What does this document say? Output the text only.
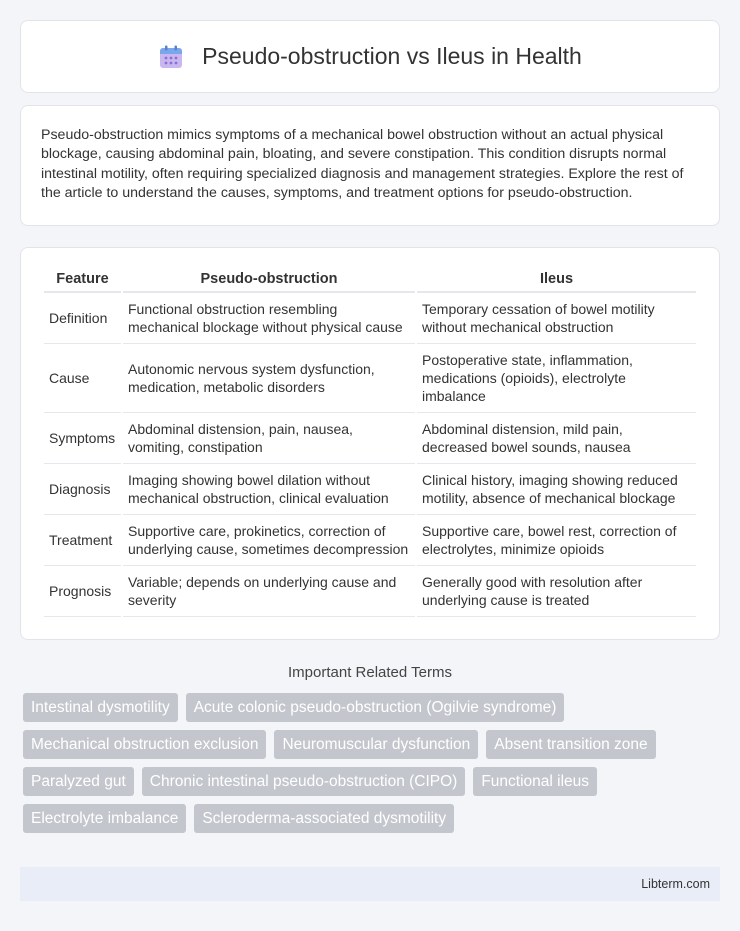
Pseudo-obstruction vs Ileus in Health

Pseudo-obstruction mimics symptoms of a mechanical bowel obstruction without an actual physical blockage, causing abdominal pain, bloating, and severe constipation. This condition disrupts normal intestinal motility, often requiring specialized diagnosis and management strategies. Explore the rest of the article to understand the causes, symptoms, and treatment options for pseudo-obstruction.

Feature	Pseudo-obstruction	Ileus
Definition	Functional obstruction resembling mechanical blockage without physical cause	Temporary cessation of bowel motility without mechanical obstruction
Cause	Autonomic nervous system dysfunction, medication, metabolic disorders	Postoperative state, inflammation, medications (opioids), electrolyte imbalance
Symptoms	Abdominal distension, pain, nausea, vomiting, constipation	Abdominal distension, mild pain, decreased bowel sounds, nausea
Diagnosis	Imaging showing bowel dilation without mechanical obstruction, clinical evaluation	Clinical history, imaging showing reduced motility, absence of mechanical blockage
Treatment	Supportive care, prokinetics, correction of underlying cause, sometimes decompression	Supportive care, bowel rest, correction of electrolytes, minimize opioids
Prognosis	Variable; depends on underlying cause and severity	Generally good with resolution after underlying cause is treated
Important Related Terms
Intestinal dysmotility	Acute colonic pseudo-obstruction (Ogilvie syndrome)
Mechanical obstruction exclusion	Neuromuscular dysfunction	Absent transition zone
Paralyzed gut	Chronic intestinal pseudo-obstruction (CIPO)	Functional ileus
Electrolyte imbalance	Scleroderma-associated dysmotility
Libterm.com
